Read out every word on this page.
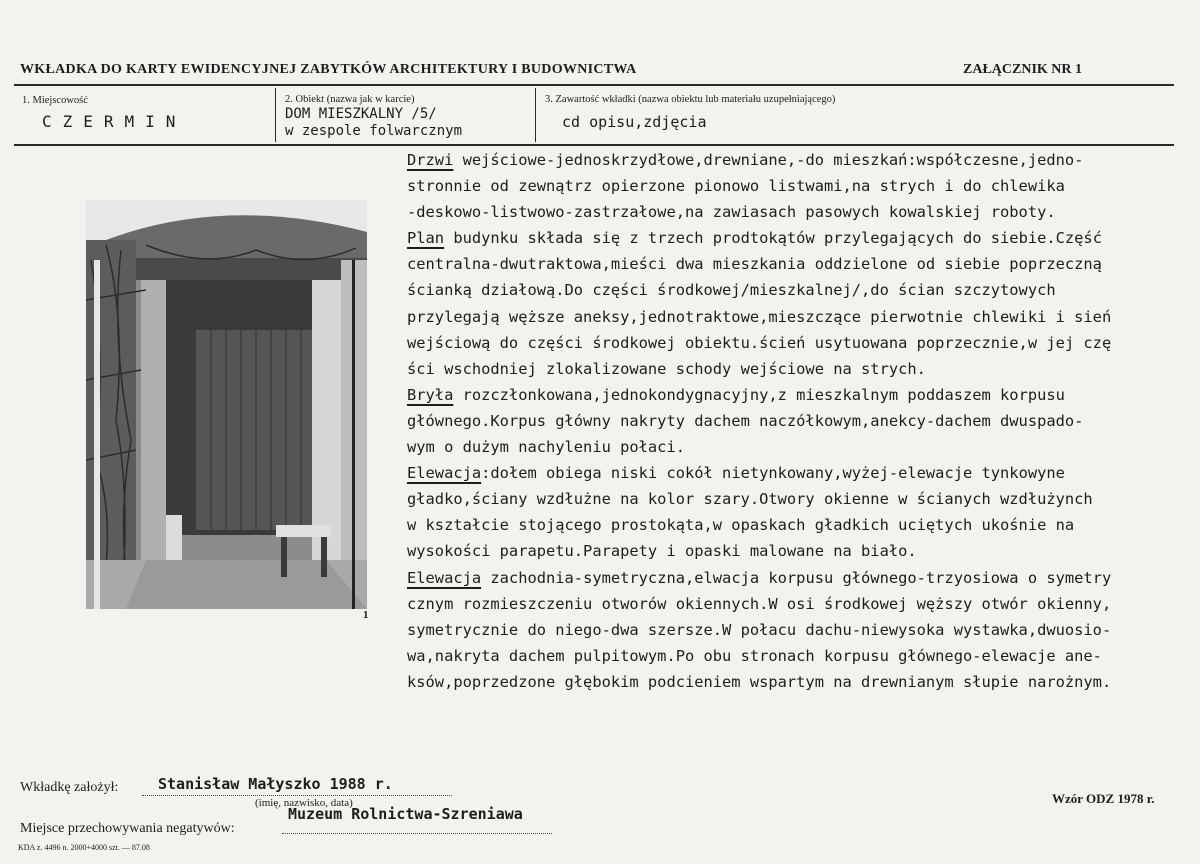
WKŁADKA DO KARTY EWIDENCYJNEJ ZABYTKÓW ARCHITEKTURY I BUDOWNICTWA	ZAŁĄCZNIK NR 1
1. Miejscowość
CZERMIN
2. Obiekt (nazwa jak w karcie)
DOM MIESZKALNY /5/
w zespole folwarcznym
3. Zawartość wkładki (nazwa obiektu lub materiału uzupełniającego)
cd opisu,zdjęcia
1

Drzwi wejściowe-jednoskrzydłowe,drewniane,-do mieszkań:współczesne,jedno-

stronnie od zewnątrz opierzone pionowo listwami,na strych i do chlewika

-deskowo-listwowo-zastrzałowe,na zawiasach pasowych kowalskiej roboty.

Plan budynku składa się z trzech prodtokątów przylegających do siebie.Część

centralna-dwutraktowa,mieści dwa mieszkania oddzielone od siebie poprzeczną

ścianką działową.Do części środkowej/mieszkalnej/,do ścian szczytowych

przylegają węższe aneksy,jednotraktowe,mieszczące pierwotnie chlewiki i sień

wejściową do części środkowej obiektu.ścień usytuowana poprzecznie,w jej czę

ści wschodniej zlokalizowane schody wejściowe na strych.

Bryła rozczłonkowana,jednokondygnacyjny,z mieszkalnym poddaszem korpusu

głównego.Korpus główny nakryty dachem naczółkowym,anekcy-dachem dwuspado-

wym o dużym nachyleniu połaci.

Elewacja:dołem obiega niski cokół nietynkowany,wyżej-elewacje tynkowyne

gładko,ściany wzdłużne na kolor szary.Otwory okienne w ścianych wzdłużynch

w kształcie stojącego prostokąta,w opaskach gładkich uciętych ukośnie na

wysokości parapetu.Parapety i opaski malowane na biało.

Elewacja zachodnia-symetryczna,elwacja korpusu głównego-trzyosiowa o symetry

cznym rozmieszczeniu otworów okiennych.W osi środkowej węższy otwór okienny,

symetrycznie do niego-dwa szersze.W połacu dachu-niewysoka wystawka,dwuosio-

wa,nakryta dachem pulpitowym.Po obu stronach korpusu głównego-elewacje ane-

ksów,poprzedzone głębokim podcieniem wspartym na drewnianym słupie narożnym.

Wkładkę założył:	Stanisław Małyszko 1988 r.
(imię, nazwisko, data)
Miejsce przechowywania negatywów:
Muzeum Rolnictwa-Szreniawa
Wzór ODZ 1978 r.
KDA z. 4496 n. 2000+4000 szt. — 87.08
